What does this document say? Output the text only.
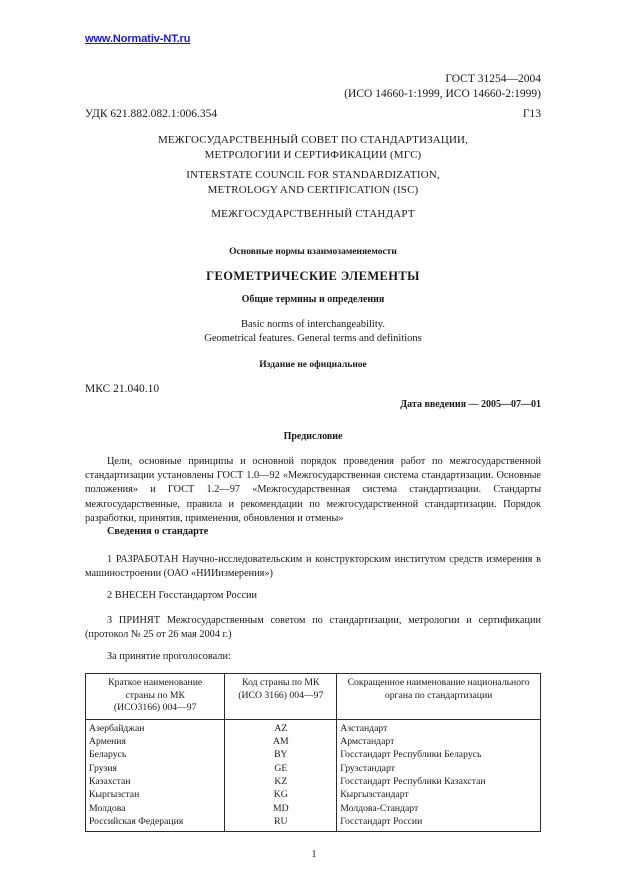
www.Normativ-NT.ru
ГОСТ 31254—2004
(ИСО 14660-1:1999, ИСО 14660-2:1999)
УДК 621.882.082.1:006.354	Г13
МЕЖГОСУДАРСТВЕННЫЙ СОВЕТ ПО СТАНДАРТИЗАЦИИ,
МЕТРОЛОГИИ И СЕРТИФИКАЦИИ (МГС)
INTERSTATE COUNCIL FOR STANDARDIZATION,
METROLOGY AND CERTIFICATION (ISC)
МЕЖГОСУДАРСТВЕННЫЙ СТАНДАРТ
Основные нормы взаимозаменяемости
ГЕОМЕТРИЧЕСКИЕ ЭЛЕМЕНТЫ
Общие термины и определения
Basic norms of interchangeability.
Geometrical features. General terms and definitions
Издание не официальное
МКС 21.040.10
Дата введения — 2005—07—01
Предисловие
Цели, основные принципы и основной порядок проведения работ по межгосударственной стандартизации установлены ГОСТ 1.0—92 «Межгосударственная система стандартизации. Основные положения» и ГОСТ 1.2—97 «Межгосударственная система стандартизации. Стандарты межгосударственные, правила и рекомендации по межгосударственной стандартизации. Порядок разработки, принятия, применения, обновления и отмены»
Сведения о стандарте
1 РАЗРАБОТАН Научно-исследовательским и конструкторским институтом средств измерения в машиностроении (ОАО «НИИизмерения»)
2 ВНЕСЕН Госстандартом России
3 ПРИНЯТ Межгосударственным советом по стандартизации, метрологии и сертификации (протокол № 25 от 26 мая 2004 г.)
За принятие проголосовали:
Краткое наименование
страны по МК
(ИСО3166) 004—97

Код страны по МК
(ИСО 3166) 004—97

Сокращенное наименование национального
органа по стандартизации

Азербайджан	AZ	Азстандарт
Армения	AM	Армстандарт
Беларусь	BY	Госстандарт Республики Беларусь
Грузия	GE	Грузстандарт
Казахстан	KZ	Госстандарт Республики Казахстан
Кыргызстан	KG	Кыргызстандарт
Молдова	MD	Молдова-Стандарт
Российская Федерация	RU	Госстандарт России

1
